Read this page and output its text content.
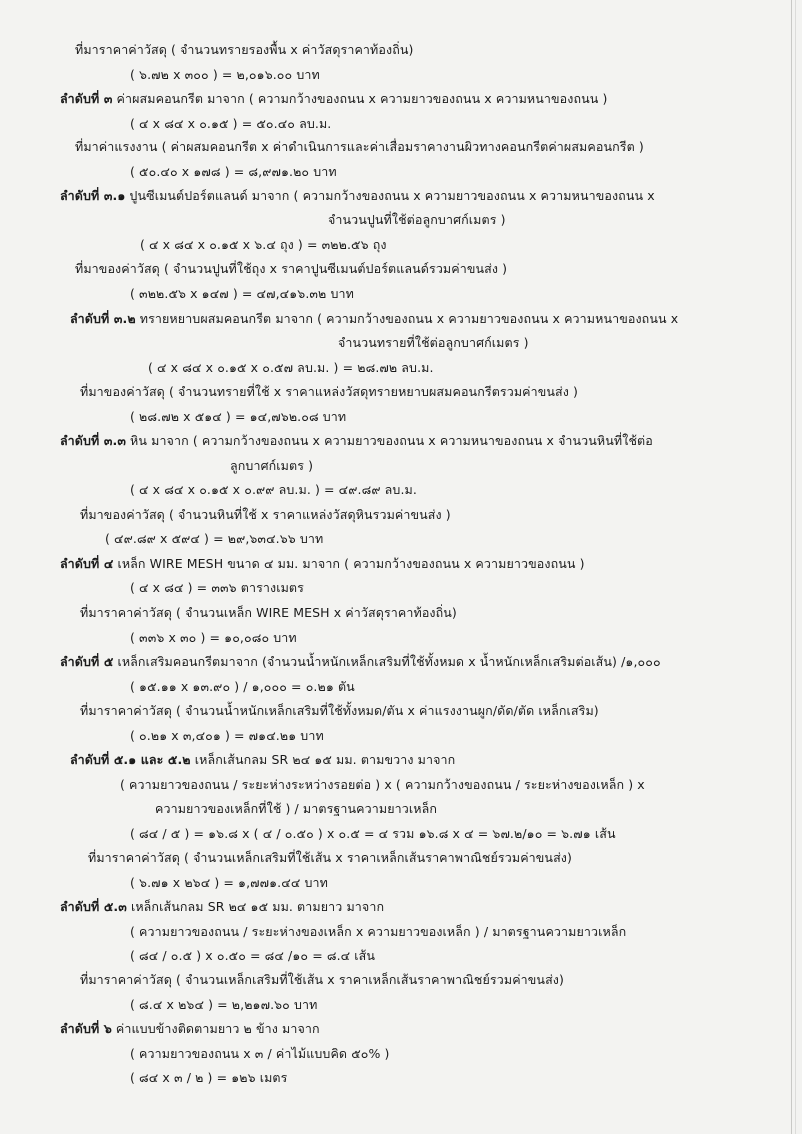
ที่มาราคาค่าวัสดุ ( จำนวนทรายรองพื้น x ค่าวัสดุราคาท้องถิ่น)
( ๖.๗๒ x ๓๐๐ ) = ๒,๐๑๖.๐๐ บาท
ลำดับที่ ๓ ค่าผสมคอนกรีต มาจาก ( ความกว้างของถนน x ความยาวของถนน x ความหนาของถนน )
( ๔ x ๘๔ x ๐.๑๕ ) = ๕๐.๔๐ ลบ.ม.
ที่มาค่าแรงงาน ( ค่าผสมคอนกรีต x ค่าดำเนินการและค่าเสื่อมราคางานผิวทางคอนกรีตค่าผสมคอนกรีต )
( ๕๐.๔๐ x ๑๗๘ ) = ๘,๙๗๑.๒๐ บาท
ลำดับที่ ๓.๑ ปูนซีเมนต์ปอร์ตแลนด์ มาจาก ( ความกว้างของถนน x ความยาวของถนน x ความหนาของถนน x
จำนวนปูนที่ใช้ต่อลูกบาศก์เมตร )
( ๔ x ๘๔ x ๐.๑๕ x ๖.๔ ถุง ) = ๓๒๒.๕๖ ถุง
ที่มาของค่าวัสดุ ( จำนวนปูนที่ใช้ถุง x ราคาปูนซีเมนต์ปอร์ตแลนด์รวมค่าขนส่ง )
( ๓๒๒.๕๖ x ๑๔๗ ) = ๔๗,๔๑๖.๓๒ บาท
ลำดับที่ ๓.๒ ทรายหยาบผสมคอนกรีต มาจาก ( ความกว้างของถนน x ความยาวของถนน x ความหนาของถนน x
จำนวนทรายที่ใช้ต่อลูกบาศก์เมตร )
( ๔ x ๘๔ x ๐.๑๕ x ๐.๕๗ ลบ.ม. ) = ๒๘.๗๒ ลบ.ม.
ที่มาของค่าวัสดุ ( จำนวนทรายที่ใช้ x ราคาแหล่งวัสดุทรายหยาบผสมคอนกรีตรวมค่าขนส่ง )
( ๒๘.๗๒ x ๕๑๔ ) = ๑๔,๗๖๒.๐๘ บาท
ลำดับที่ ๓.๓ หิน มาจาก ( ความกว้างของถนน x ความยาวของถนน x ความหนาของถนน x จำนวนหินที่ใช้ต่อ
ลูกบาศก์เมตร )
( ๔ x ๘๔ x ๐.๑๕ x ๐.๙๙ ลบ.ม. ) = ๔๙.๘๙ ลบ.ม.
ที่มาของค่าวัสดุ ( จำนวนหินที่ใช้ x ราคาแหล่งวัสดุหินรวมค่าขนส่ง )
( ๔๙.๘๙ x ๕๙๔ ) = ๒๙,๖๓๔.๖๖ บาท
ลำดับที่ ๔ เหล็ก WIRE MESH ขนาด ๔ มม. มาจาก ( ความกว้างของถนน x ความยาวของถนน )
( ๔ x ๘๔ ) = ๓๓๖ ตารางเมตร
ที่มาราคาค่าวัสดุ ( จำนวนเหล็ก WIRE MESH x ค่าวัสดุราคาท้องถิ่น)
( ๓๓๖ x ๓๐ ) = ๑๐,๐๘๐ บาท
ลำดับที่ ๕ เหล็กเสริมคอนกรีตมาจาก (จำนวนน้ำหนักเหล็กเสริมที่ใช้ทั้งหมด x น้ำหนักเหล็กเสริมต่อเส้น) /๑,๐๐๐
( ๑๕.๑๑ x ๑๓.๙๐ ) / ๑,๐๐๐ = ๐.๒๑ ตัน
ที่มาราคาค่าวัสดุ ( จำนวนน้ำหนักเหล็กเสริมที่ใช้ทั้งหมด/ตัน x ค่าแรงงานผูก/ดัด/ตัด เหล็กเสริม)
( ๐.๒๑ x ๓,๔๐๑ ) = ๗๑๔.๒๑ บาท
ลำดับที่ ๕.๑ และ ๕.๒ เหล็กเส้นกลม SR ๒๔ ๑๕ มม. ตามขวาง มาจาก
( ความยาวของถนน / ระยะห่างระหว่างรอยต่อ ) x ( ความกว้างของถนน / ระยะห่างของเหล็ก ) x
ความยาวของเหล็กที่ใช้ ) / มาตรฐานความยาวเหล็ก
( ๘๔ / ๕ ) = ๑๖.๘ x ( ๔ / ๐.๕๐ ) x ๐.๕ = ๔ รวม ๑๖.๘ x ๔ = ๖๗.๒/๑๐ = ๖.๗๑ เส้น
ที่มาราคาค่าวัสดุ ( จำนวนเหล็กเสริมที่ใช้เส้น x ราคาเหล็กเส้นราคาพาณิชย์รวมค่าขนส่ง)
( ๖.๗๑ x ๒๖๔ ) = ๑,๗๗๑.๔๔ บาท
ลำดับที่ ๕.๓ เหล็กเส้นกลม SR ๒๔ ๑๕ มม. ตามยาว มาจาก
( ความยาวของถนน / ระยะห่างของเหล็ก x ความยาวของเหล็ก ) / มาตรฐานความยาวเหล็ก
( ๘๔ / ๐.๕ ) x ๐.๕๐ = ๘๔ /๑๐ = ๘.๔ เส้น
ที่มาราคาค่าวัสดุ ( จำนวนเหล็กเสริมที่ใช้เส้น x ราคาเหล็กเส้นราคาพาณิชย์รวมค่าขนส่ง)
( ๘.๔ x ๒๖๔ ) = ๒,๒๑๗.๖๐ บาท
ลำดับที่ ๖ ค่าแบบข้างติดตามยาว ๒ ข้าง มาจาก
( ความยาวของถนน x ๓ / ค่าไม้แบบคิด ๕๐% )
( ๘๔ x ๓ / ๒ ) = ๑๒๖ เมตร
